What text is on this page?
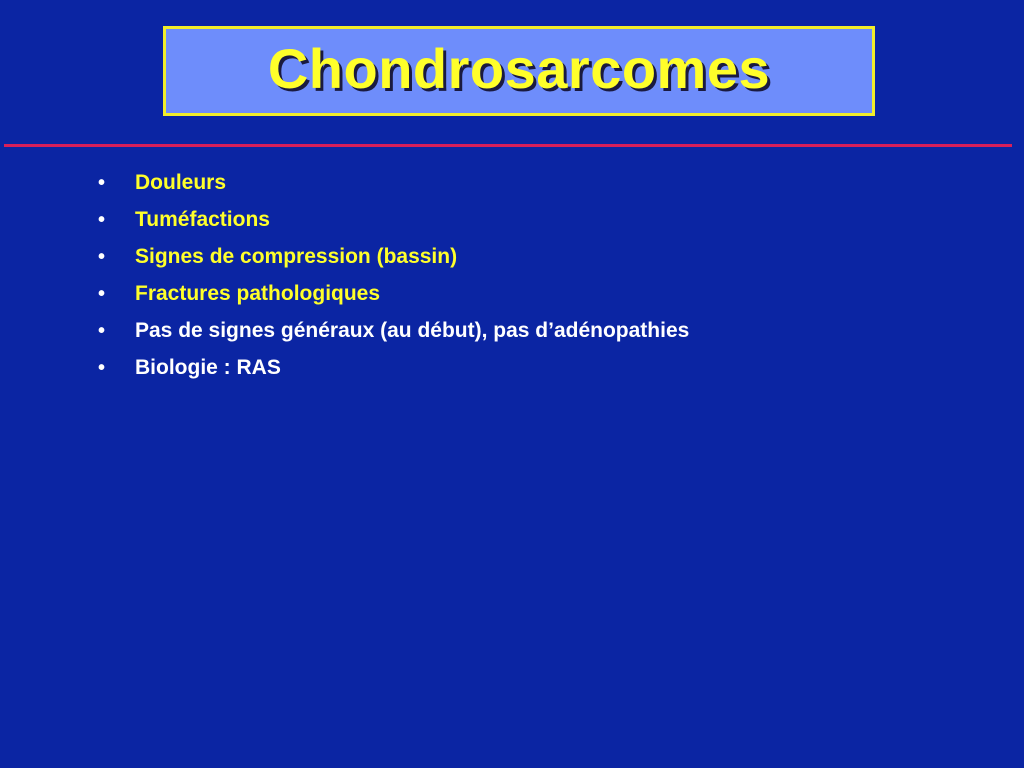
Chondrosarcomes
•	Douleurs
•	Tuméfactions
•	Signes de compression (bassin)
•	Fractures pathologiques
•	Pas de signes généraux (au début), pas d’adénopathies
•	Biologie : RAS
